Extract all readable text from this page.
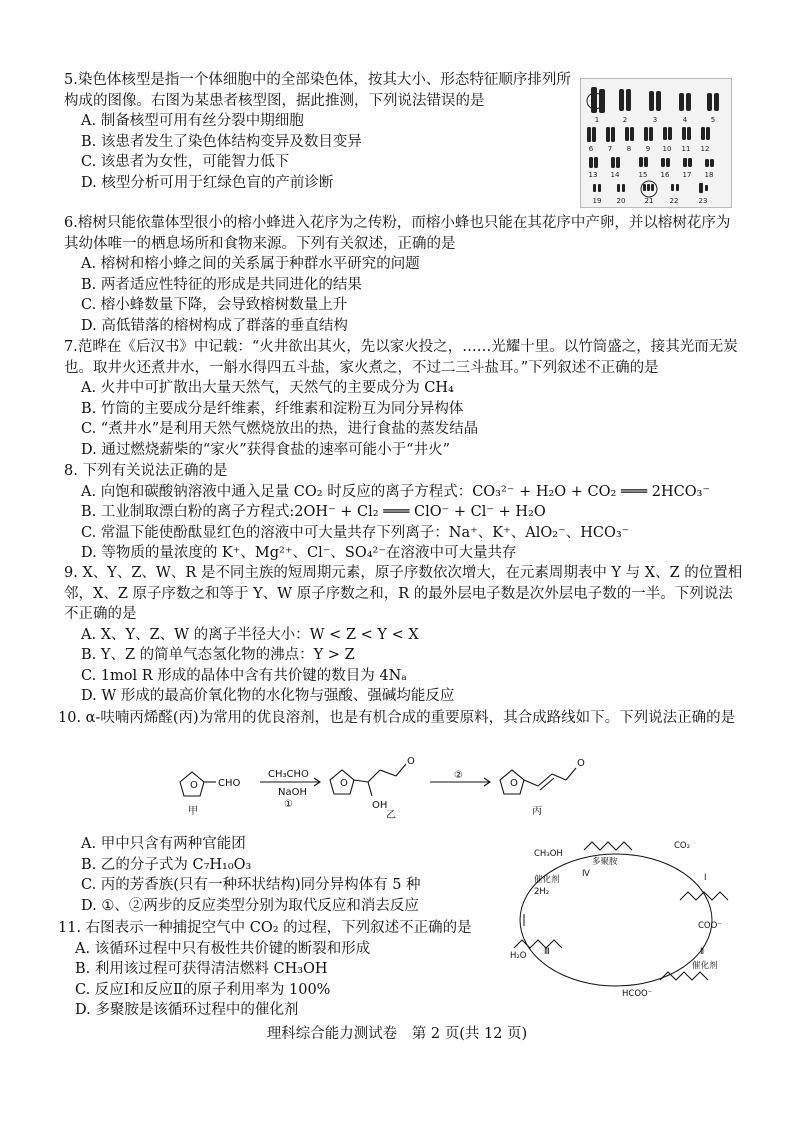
5.染色体核型是指一个体细胞中的全部染色体，按其大小、形态特征顺序排列所构成的图像。右图为某患者核型图，据此推测，下列说法错误的是
A. 制备核型可用有丝分裂中期细胞
B. 该患者发生了染色体结构变异及数目变异
C. 该患者为女性，可能智力低下
D. 核型分析可用于红绿色盲的产前诊断
1	2	3	4	5
6 7 8 9 10 11 12
13 14	15 16 17 18
19 20	21 22	23
6.榕树只能依靠体型很小的榕小蜂进入花序为之传粉，而榕小蜂也只能在其花序中产卵，并以榕树花序为其幼体唯一的栖息场所和食物来源。下列有关叙述，正确的是
A. 榕树和榕小蜂之间的关系属于种群水平研究的问题
B. 两者适应性特征的形成是共同进化的结果
C. 榕小蜂数量下降，会导致榕树数量上升
D. 高低错落的榕树构成了群落的垂直结构
7.范晔在《后汉书》中记载：“火井欲出其火，先以家火投之，……光耀十里。以竹筒盛之，接其光而无炭也。取井火还煮井水，一斛水得四五斗盐，家火煮之，不过二三斗盐耳。”下列叙述不正确的是
A. 火井中可扩散出大量天然气，天然气的主要成分为 CH₄
B. 竹筒的主要成分是纤维素，纤维素和淀粉互为同分异构体
C. “煮井水”是利用天然气燃烧放出的热，进行食盐的蒸发结晶
D. 通过燃烧薪柴的“家火”获得食盐的速率可能小于“井火”
8. 下列有关说法正确的是
A. 向饱和碳酸钠溶液中通入足量 CO₂ 时反应的离子方程式：CO₃²⁻ + H₂O + CO₂ ═══ 2HCO₃⁻
B. 工业制取漂白粉的离子方程式:2OH⁻ + Cl₂ ═══ ClO⁻ + Cl⁻ + H₂O
C. 常温下能使酚酞显红色的溶液中可大量共存下列离子：Na⁺、K⁺、AlO₂⁻、HCO₃⁻
D. 等物质的量浓度的 K⁺、Mg²⁺、Cl⁻、SO₄²⁻在溶液中可大量共存
9. X、Y、Z、W、R 是不同主族的短周期元素，原子序数依次增大，在元素周期表中 Y 与 X、Z 的位置相邻，X、Z 原子序数之和等于 Y、W 原子序数之和，R 的最外层电子数是次外层电子数的一半。下列说法不正确的是
A. X、Y、Z、W 的离子半径大小：W < Z < Y < X
B. Y、Z 的简单气态氢化物的沸点：Y > Z
C. 1mol R 形成的晶体中含有共价键的数目为 4Nₐ
D. W 形成的最高价氧化物的水化物与强酸、强碱均能反应
10. α-呋喃丙烯醛(丙)为常用的优良溶剂，也是有机合成的重要原料，其合成路线如下。下列说法正确的是
O	O	O
O	O
CHO
CH₃CHO
NaOH
①
②
OH
甲	乙	丙
A. 甲中只含有两种官能团
B. 乙的分子式为 C₇H₁₀O₃
C. 丙的芳香族(只有一种环状结构)同分异构体有 5 种
D. ①、②两步的反应类型分别为取代反应和消去反应
11. 右图表示一种捕捉空气中 CO₂ 的过程，下列叙述不正确的是
A. 该循环过程中只有极性共价键的断裂和形成
B. 利用该过程可获得清洁燃料 CH₃OH
C. 反应Ⅰ和反应Ⅱ的原子利用率为 100%
D. 多聚胺是该循环过程中的催化剂
CH₃OH
多聚胺
CO₂
催化剂
2H₂
Ⅳ	Ⅰ
COO⁻
Ⅱ
催化剂
Ⅲ
H₂O
HCOO⁻
理科综合能力测试卷　第 2 页(共 12 页)
